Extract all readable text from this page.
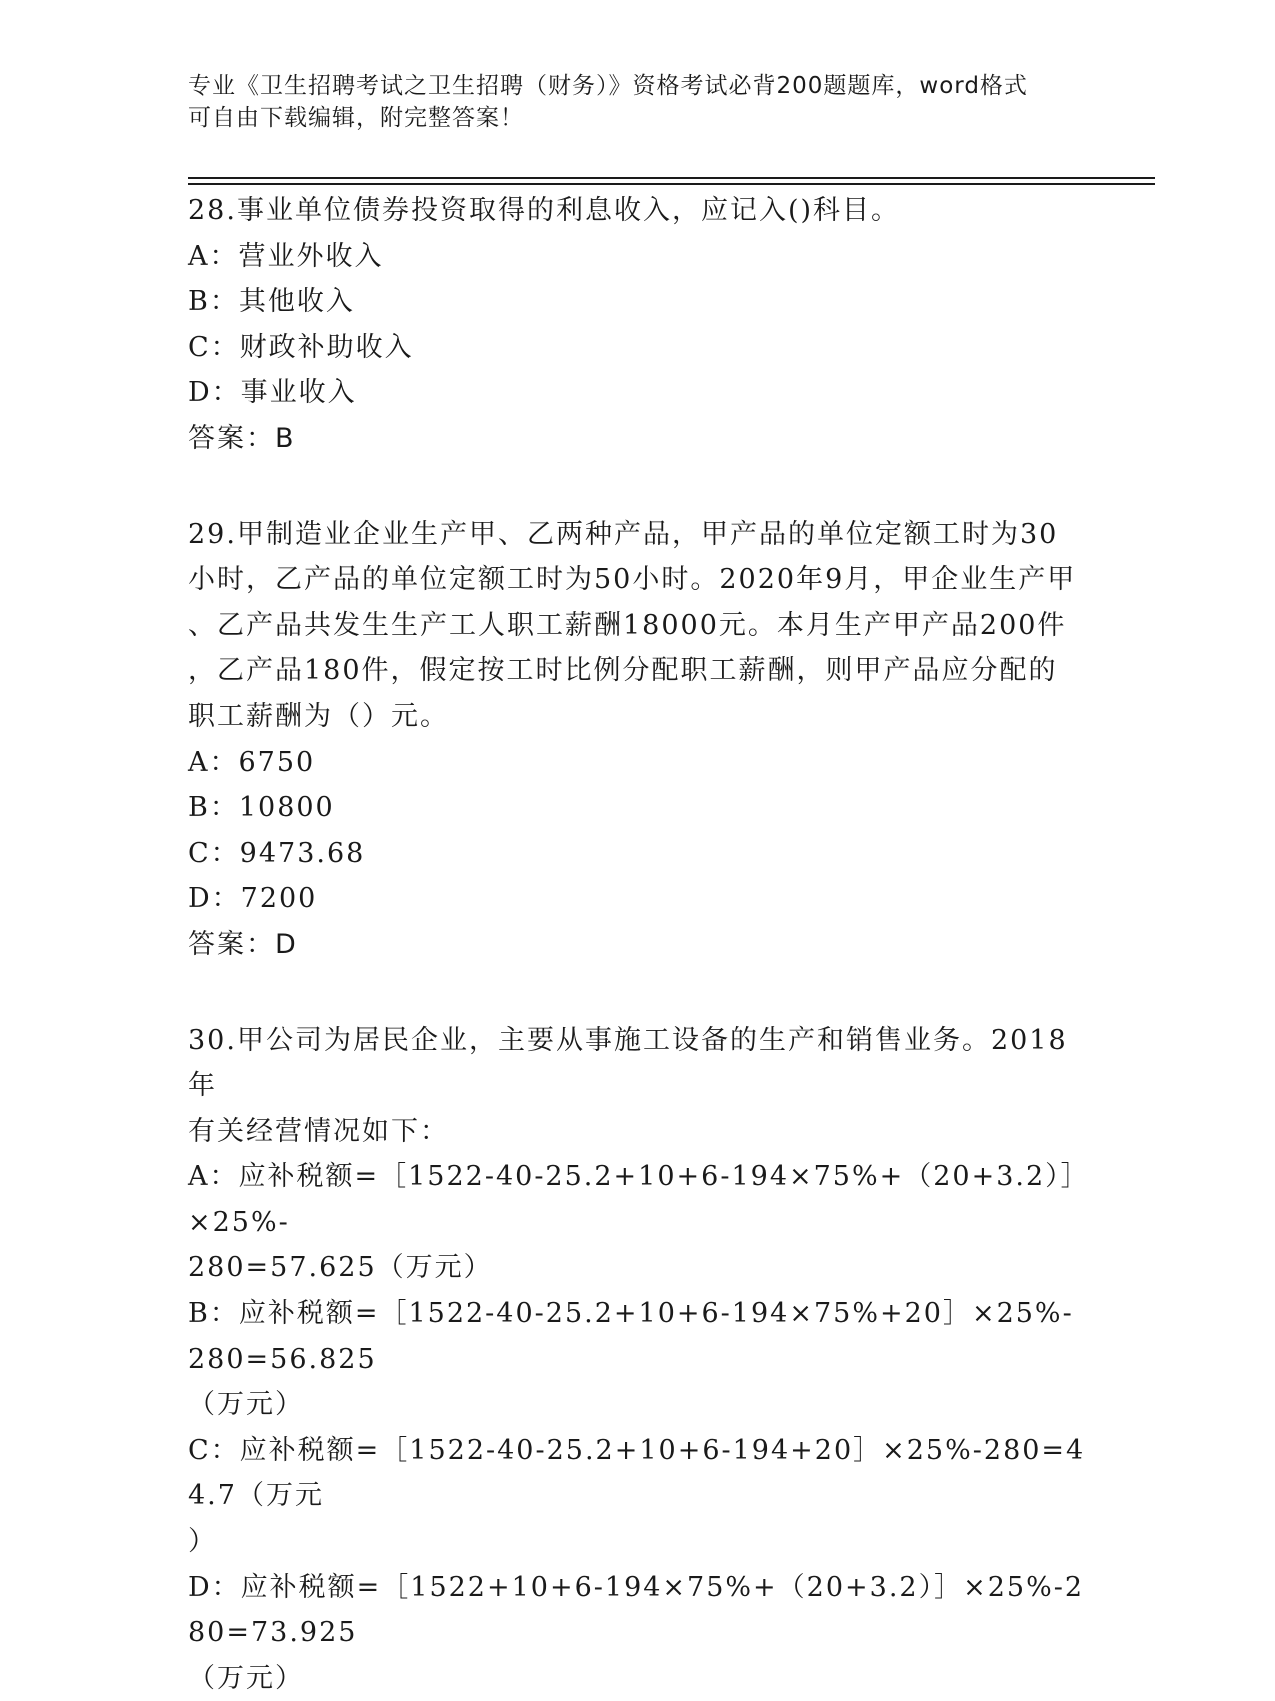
专业《卫生招聘考试之卫生招聘（财务）》资格考试必背200题题库，word格式
可自由下载编辑，附完整答案！
28.事业单位债券投资取得的利息收入，应记入()科目。
A：营业外收入
B：其他收入
C：财政补助收入
D：事业收入
答案：B
29.甲制造业企业生产甲、乙两种产品，甲产品的单位定额工时为30
小时，乙产品的单位定额工时为50小时。2020年9月，甲企业生产甲
、乙产品共发生生产工人职工薪酬18000元。本月生产甲产品200件
，乙产品180件，假定按工时比例分配职工薪酬，则甲产品应分配的
职工薪酬为（）元。
A：6750
B：10800
C：9473.68
D：7200
答案：D
30.甲公司为居民企业，主要从事施工设备的生产和销售业务。2018年
有关经营情况如下：
A：应补税额=［1522-40-25.2+10+6-194×75%+（20+3.2）］×25%-
280=57.625（万元）
B：应补税额=［1522-40-25.2+10+6-194×75%+20］×25%-280=56.825
（万元）
C：应补税额=［1522-40-25.2+10+6-194+20］×25%-280=44.7（万元
）
D：应补税额=［1522+10+6-194×75%+（20+3.2）］×25%-280=73.925
（万元）
